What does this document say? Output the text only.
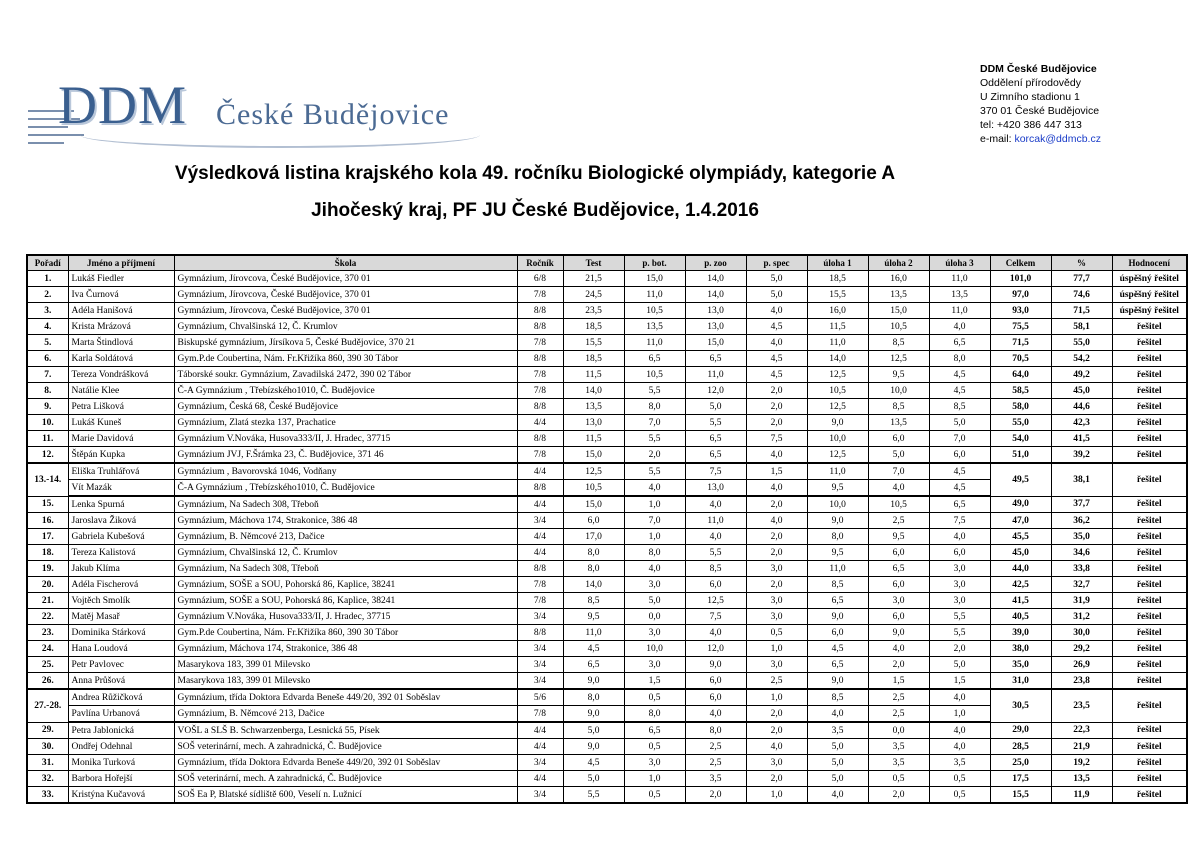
DDM České Budějovice
DDM České Budějovice
Oddělení přírodovědy
U Zimního stadionu 1
370 01 České Budějovice
tel: +420 386 447 313
e-mail: korcak@ddmcb.cz
Výsledková listina krajského kola 49. ročníku Biologické olympiády, kategorie A
Jihočeský kraj, PF JU České Budějovice, 1.4.2016
Pořadí	Jméno a příjmení	Škola	Ročník	Test	p. bot.	p. zoo	p. spec	úloha 1	úloha 2	úloha 3	Celkem	%	Hodnocení
1.	Lukáš Fiedler	Gymnázium, Jírovcova, České Budějovice, 370 01	6/8	21,5	15,0	14,0	5,0	18,5	16,0	11,0	101,0	77,7	úspěšný řešitel
2.	Iva Čurnová	Gymnázium, Jírovcova, České Budějovice, 370 01	7/8	24,5	11,0	14,0	5,0	15,5	13,5	13,5	97,0	74,6	úspěšný řešitel
3.	Adéla Hanišová	Gymnázium, Jírovcova, České Budějovice, 370 01	8/8	23,5	10,5	13,0	4,0	16,0	15,0	11,0	93,0	71,5	úspěšný řešitel
4.	Krista Mrázová	Gymnázium, Chvalšinská 12, Č. Krumlov	8/8	18,5	13,5	13,0	4,5	11,5	10,5	4,0	75,5	58,1	řešitel
5.	Marta Štindlová	Biskupské gymnázium, Jírsíkova 5, České Budějovice, 370 21	7/8	15,5	11,0	15,0	4,0	11,0	8,5	6,5	71,5	55,0	řešitel
6.	Karla Soldátová	Gym.P.de Coubertina, Nám. Fr.Křižíka 860, 390 30 Tábor	8/8	18,5	6,5	6,5	4,5	14,0	12,5	8,0	70,5	54,2	řešitel
7.	Tereza Vondrášková	Táborské soukr. Gymnázium, Zavadilská 2472, 390 02 Tábor	7/8	11,5	10,5	11,0	4,5	12,5	9,5	4,5	64,0	49,2	řešitel
8.	Natálie Klee	Č-A Gymnázium , Třebízského1010, Č. Budějovice	7/8	14,0	5,5	12,0	2,0	10,5	10,0	4,5	58,5	45,0	řešitel
9.	Petra Lišková	Gymnázium, Česká 68, České Budějovice	8/8	13,5	8,0	5,0	2,0	12,5	8,5	8,5	58,0	44,6	řešitel
10.	Lukáš Kuneš	Gymnázium, Zlatá stezka 137, Prachatice	4/4	13,0	7,0	5,5	2,0	9,0	13,5	5,0	55,0	42,3	řešitel
11.	Marie Davidová	Gymnázium V.Nováka, Husova333/II, J. Hradec, 37715	8/8	11,5	5,5	6,5	7,5	10,0	6,0	7,0	54,0	41,5	řešitel
12.	Štěpán Kupka	Gymnázium JVJ, F.Šrámka 23, Č. Budějovice, 371 46	7/8	15,0	2,0	6,5	4,0	12,5	5,0	6,0	51,0	39,2	řešitel
13.-14.	Eliška Truhlářová	Gymnázium , Bavorovská 1046, Vodňany	4/4	12,5	5,5	7,5	1,5	11,0	7,0	4,5	49,5	38,1	řešitel
	Vít Mazák	Č-A Gymnázium , Třebízského1010, Č. Budějovice	8/8	10,5	4,0	13,0	4,0	9,5	4,0	4,5			
15.	Lenka Spurná	Gymnázium, Na Sadech 308, Třeboň	4/4	15,0	1,0	4,0	2,0	10,0	10,5	6,5	49,0	37,7	řešitel
16.	Jaroslava Žiková	Gymnázium, Máchova 174, Strakonice, 386 48	3/4	6,0	7,0	11,0	4,0	9,0	2,5	7,5	47,0	36,2	řešitel
17.	Gabriela Kubešová	Gymnázium, B. Němcové 213, Dačice	4/4	17,0	1,0	4,0	2,0	8,0	9,5	4,0	45,5	35,0	řešitel
18.	Tereza Kalistová	Gymnázium, Chvalšinská 12, Č. Krumlov	4/4	8,0	8,0	5,5	2,0	9,5	6,0	6,0	45,0	34,6	řešitel
19.	Jakub Klíma	Gymnázium, Na Sadech 308, Třeboň	8/8	8,0	4,0	8,5	3,0	11,0	6,5	3,0	44,0	33,8	řešitel
20.	Adéla Fischerová	Gymnázium, SOŠE a SOU, Pohorská 86, Kaplice, 38241	7/8	14,0	3,0	6,0	2,0	8,5	6,0	3,0	42,5	32,7	řešitel
21.	Vojtěch Smolík	Gymnázium, SOŠE a SOU, Pohorská 86, Kaplice, 38241	7/8	8,5	5,0	12,5	3,0	6,5	3,0	3,0	41,5	31,9	řešitel
22.	Matěj Masař	Gymnázium V.Nováka, Husova333/II, J. Hradec, 37715	3/4	9,5	0,0	7,5	3,0	9,0	6,0	5,5	40,5	31,2	řešitel
23.	Dominika Stárková	Gym.P.de Coubertina, Nám. Fr.Křižíka 860, 390 30 Tábor	8/8	11,0	3,0	4,0	0,5	6,0	9,0	5,5	39,0	30,0	řešitel
24.	Hana Loudová	Gymnázium, Máchova 174, Strakonice, 386 48	3/4	4,5	10,0	12,0	1,0	4,5	4,0	2,0	38,0	29,2	řešitel
25.	Petr Pavlovec	Masarykova 183, 399 01 Milevsko	3/4	6,5	3,0	9,0	3,0	6,5	2,0	5,0	35,0	26,9	řešitel
26.	Anna Průšová	Masarykova 183, 399 01 Milevsko	3/4	9,0	1,5	6,0	2,5	9,0	1,5	1,5	31,0	23,8	řešitel
27.-28.	Andrea Růžičková	Gymnázium, třída Doktora Edvarda Beneše 449/20, 392 01 Soběslav	5/6	8,0	0,5	6,0	1,0	8,5	2,5	4,0	30,5	23,5	řešitel
	Pavlína Urbanová	Gymnázium, B. Němcové 213, Dačice	7/8	9,0	8,0	4,0	2,0	4,0	2,5	1,0			
29.	Petra Jablonická	VOŠL a SLŠ B. Schwarzenberga, Lesnická 55, Písek	4/4	5,0	6,5	8,0	2,0	3,5	0,0	4,0	29,0	22,3	řešitel
30.	Ondřej Odehnal	SOŠ veterinární, mech. A zahradnická, Č. Budějovice	4/4	9,0	0,5	2,5	4,0	5,0	3,5	4,0	28,5	21,9	řešitel
31.	Monika Turková	Gymnázium, třída Doktora Edvarda Beneše 449/20, 392 01 Soběslav	3/4	4,5	3,0	2,5	3,0	5,0	3,5	3,5	25,0	19,2	řešitel
32.	Barbora Hořejší	SOŠ veterinární, mech. A zahradnická, Č. Budějovice	4/4	5,0	1,0	3,5	2,0	5,0	0,5	0,5	17,5	13,5	řešitel
33.	Kristýna Kučavová	SOŠ Ea P, Blatské sídliště 600, Veselí n. Lužnicí	3/4	5,5	0,5	2,0	1,0	4,0	2,0	0,5	15,5	11,9	řešitel
